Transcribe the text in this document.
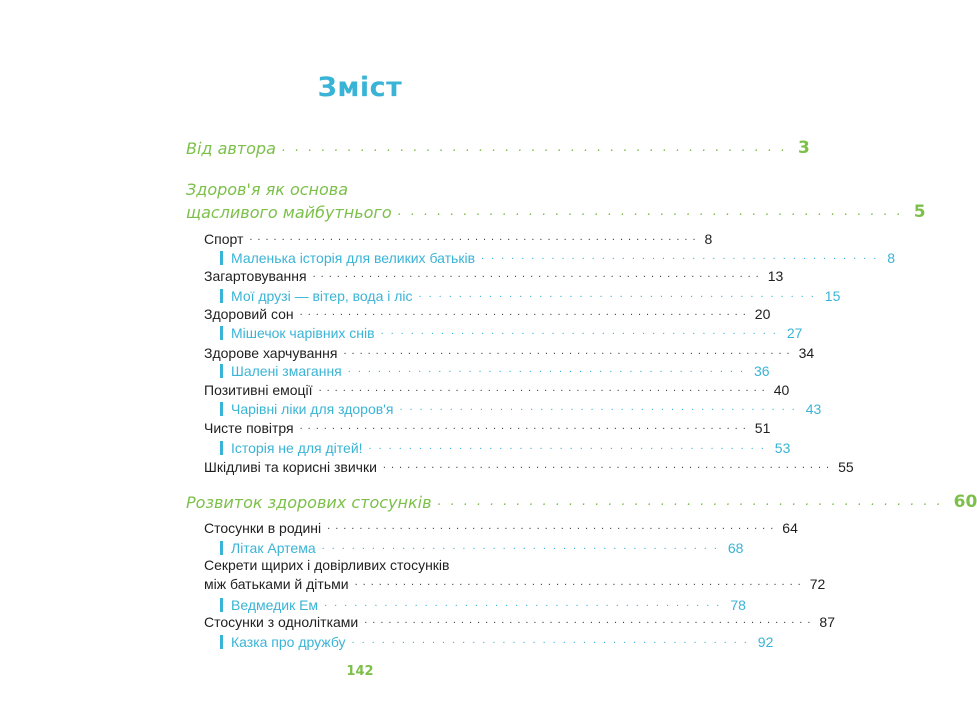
Зміст
Від автора ....................................... 3
Здоров'я як основа
щасливого майбутнього ....................................... 5
Спорт ........................................................ 8
Маленька історія для великих батьків ........................................ 8
Загартовування ........................................................ 13
Мої друзі — вітер, вода і ліс ........................................ 15
Здоровий сон ........................................................ 20
Мішечок чарівних снів ........................................ 27
Здорове харчування ........................................................ 34
Шалені змагання ........................................ 36
Позитивні емоції ........................................................ 40
Чарівні ліки для здоров'я ........................................ 43
Чисте повітря ........................................................ 51
Історія не для дітей! ........................................ 53
Шкідливі та корисні звички ........................................................ 55
Розвиток здорових стосунків ....................................... 60
Стосунки в родині ........................................................ 64
Літак Артема ........................................ 68
Секрети щирих і довірливих стосунків
між батьками й дітьми ........................................................ 72
Ведмедик Ем ........................................ 78
Стосунки з однолітками ........................................................ 87
Казка про дружбу ........................................ 92
142
